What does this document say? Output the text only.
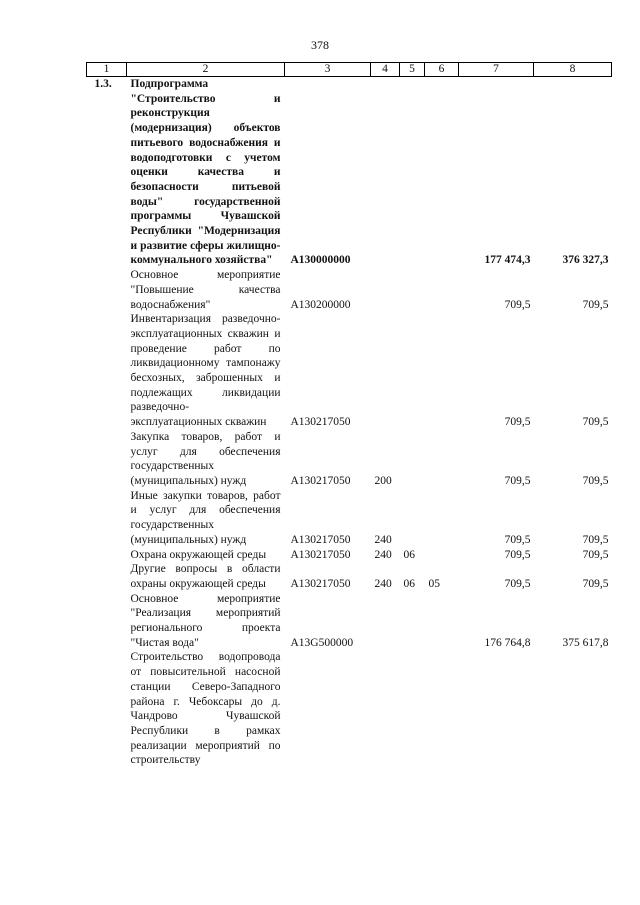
378
1	2	3	4	5	6	7	8
1.3.	Подпрограмма "Строительство и реконструкция (модернизация) объектов питьевого водоснабжения и водоподготовки с учетом оценки качества и безопасности питьевой воды" государственной программы Чувашской Республики "Модернизация и развитие сферы жилищно-коммунального хозяйства"	А130000000				177 474,3	376 327,3
	Основное мероприятие "Повышение качества водоснабжения"	А130200000				709,5	709,5
	Инвентаризация разведочно-эксплуатационных скважин и проведение работ по ликвидационному тампонажу бесхозных, заброшенных и подлежащих ликвидации разведочно-эксплуатационных скважин	А130217050				709,5	709,5
	Закупка товаров, работ и услуг для обеспечения государственных (муниципальных) нужд	А130217050	200			709,5	709,5
	Иные закупки товаров, работ и услуг для обеспечения государственных (муниципальных) нужд	А130217050	240			709,5	709,5
	Охрана окружающей среды	А130217050	240	06		709,5	709,5
	Другие вопросы в области охраны окружающей среды	А130217050	240	06	05	709,5	709,5
	Основное мероприятие "Реализация мероприятий регионального проекта "Чистая вода"	А13G500000				176 764,8	375 617,8
	Строительство водопровода от повысительной насосной станции Северо-Западного района г. Чебоксары до д. Чандрово Чувашской Республики в рамках реализации мероприятий по строительству						
